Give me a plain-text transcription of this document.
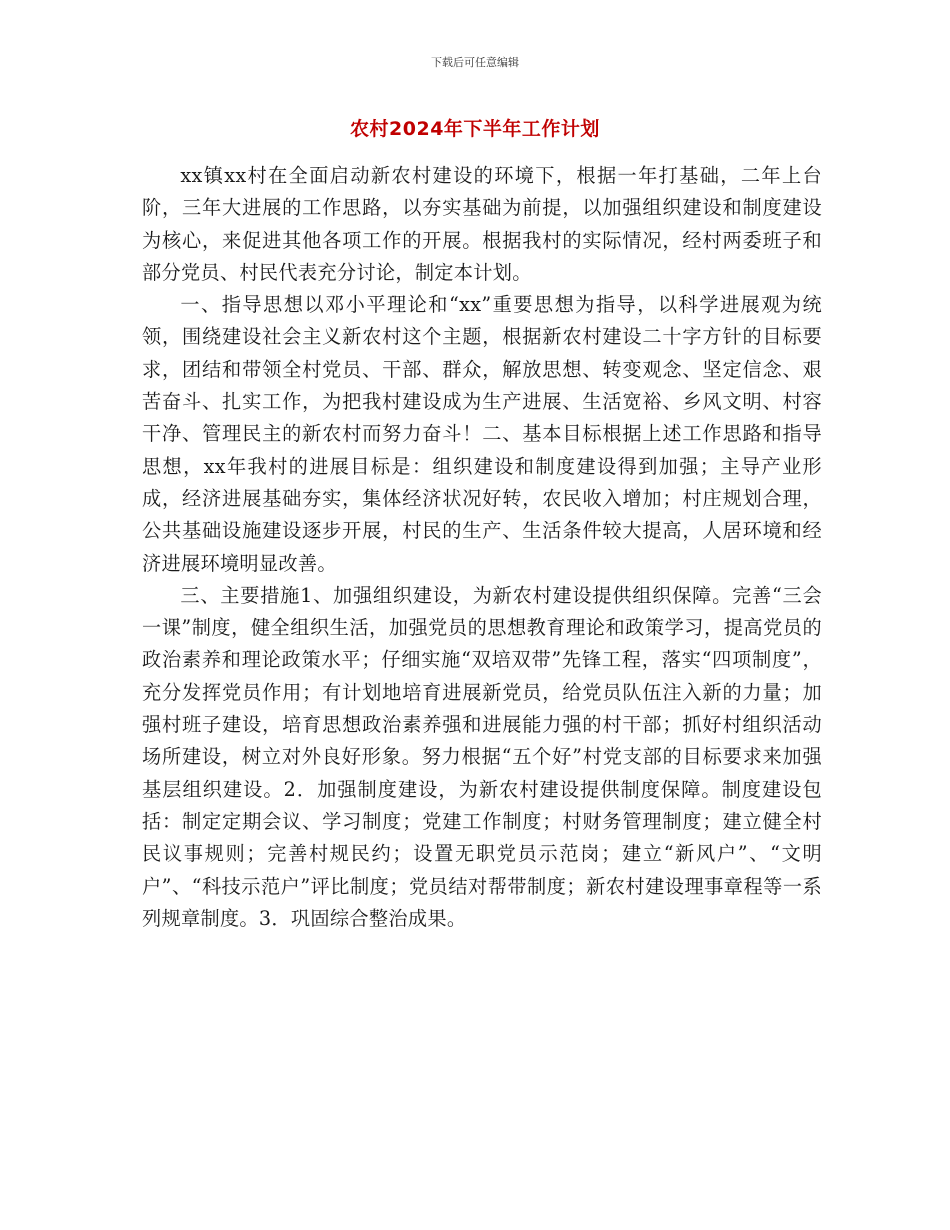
下载后可任意编辑
农村2024年下半年工作计划

xx镇xx村在全面启动新农村建设的环境下，根据一年打基础，二年上台阶，三年大进展的工作思路，以夯实基础为前提，以加强组织建设和制度建设为核心，来促进其他各项工作的开展。根据我村的实际情况，经村两委班子和部分党员、村民代表充分讨论，制定本计划。

一、指导思想以邓小平理论和“xx”重要思想为指导，以科学进展观为统领，围绕建设社会主义新农村这个主题，根据新农村建设二十字方针的目标要求，团结和带领全村党员、干部、群众，解放思想、转变观念、坚定信念、艰苦奋斗、扎实工作，为把我村建设成为生产进展、生活宽裕、乡风文明、村容干净、管理民主的新农村而努力奋斗！二、基本目标根据上述工作思路和指导思想，xx年我村的进展目标是：组织建设和制度建设得到加强；主导产业形成，经济进展基础夯实，集体经济状况好转，农民收入增加；村庄规划合理，公共基础设施建设逐步开展，村民的生产、生活条件较大提高，人居环境和经济进展环境明显改善。

三、主要措施1、加强组织建设，为新农村建设提供组织保障。完善“三会一课”制度，健全组织生活，加强党员的思想教育理论和政策学习，提高党员的政治素养和理论政策水平；仔细实施“双培双带”先锋工程，落实“四项制度”，充分发挥党员作用；有计划地培育进展新党员，给党员队伍注入新的力量；加强村班子建设，培育思想政治素养强和进展能力强的村干部；抓好村组织活动场所建设，树立对外良好形象。努力根据“五个好”村党支部的目标要求来加强基层组织建设。2．加强制度建设，为新农村建设提供制度保障。制度建设包括：制定定期会议、学习制度；党建工作制度；村财务管理制度；建立健全村民议事规则；完善村规民约；设置无职党员示范岗；建立“新风户”、“文明户”、“科技示范户”评比制度；党员结对帮带制度；新农村建设理事章程等一系列规章制度。3．巩固综合整治成果。
